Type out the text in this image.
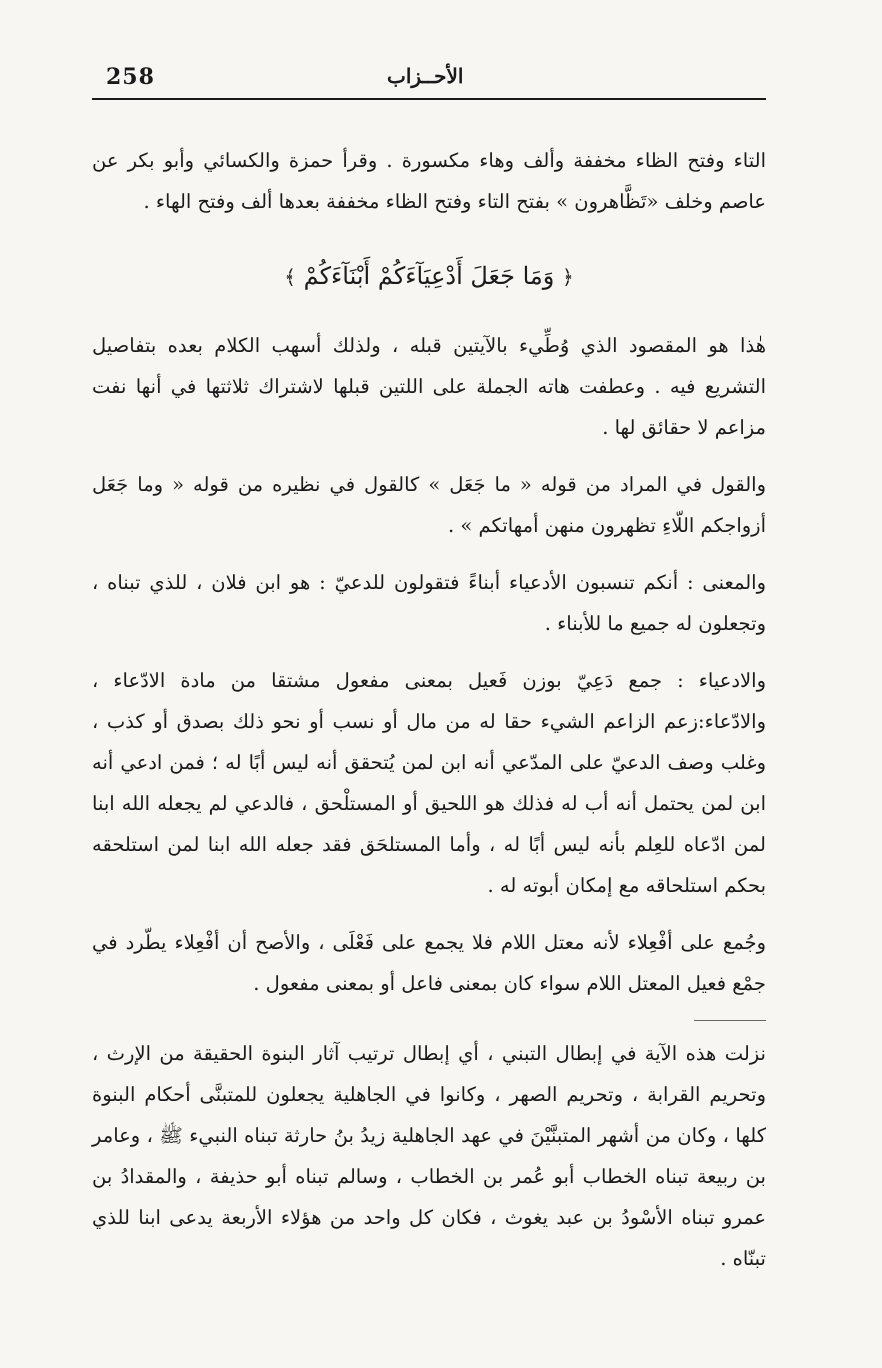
258	الأحــزاب

التاء وفتح الظاء مخففة وألف وهاء مكسورة . وقرأ حمزة والكسائي وأبو بكر عن عاصم وخلف «تَظَّاهرون » بفتح التاء وفتح الظاء مخففة بعدها ألف وفتح الهاء .

﴿ وَمَا جَعَلَ أَدْعِيَآءَكُمْ أَبْنَآءَكُمْ ﴾

هٰذا هو المقصود الذي وُطِّيء بالآيتين قبله ، ولذلك أسهب الكلام بعده بتفاصيل التشريع فيه . وعطفت هاته الجملة على اللتين قبلها لاشتراك ثلاثتها في أنها نفت مزاعم لا حقائق لها .

والقول في المراد من قوله « ما جَعَل » كالقول في نظيره من قوله « وما جَعَل أزواجكم اللّاءِ تظهرون منهن أمهاتكم » .

والمعنى : أنكم تنسبون الأدعياء أبناءً فتقولون للدعيّ : هو ابن فلان ، للذي تبناه ، وتجعلون له جميع ما للأبناء .

والادعياء : جمع دَعِيّ بوزن فَعيل بمعنى مفعول مشتقا من مادة الادّعاء ، والادّعاء:زعم الزاعم الشيء حقا له من مال أو نسب أو نحو ذلك بصدق أو كذب ، وغلب وصف الدعيّ على المدّعي أنه ابن لمن يُتحقق أنه ليس أبًا له ؛ فمن ادعي أنه ابن لمن يحتمل أنه أب له فذلك هو اللحيق أو المستلْحق ، فالدعي لم يجعله الله ابنا لمن ادّعاه للعِلم بأنه ليس أبًا له ، وأما المستلحَق فقد جعله الله ابنا لمن استلحقه بحكم استلحاقه مع إمكان أبوته له .

وجُمع على أفْعِلاء لأنه معتل اللام فلا يجمع على فَعْلَى ، والأصح أن أفْعِلاء يطّرد في جمْع فعيل المعتل اللام سواء كان بمعنى فاعل أو بمعنى مفعول .

نزلت هذه الآية في إبطال التبني ، أي إبطال ترتيب آثار البنوة الحقيقة من الإرث ، وتحريم القرابة ، وتحريم الصهر ، وكانوا في الجاهلية يجعلون للمتبنَّى أحكام البنوة كلها ، وكان من أشهر المتبنَّيْنَ في عهد الجاهلية زيدُ بنُ حارثة تبناه النبيء ﷺ ، وعامر بن ربيعة تبناه الخطاب أبو عُمر بن الخطاب ، وسالم تبناه أبو حذيفة ، والمقدادُ بن عمرو تبناه الأسْودُ بن عبد يغوث ، فكان كل واحد من هؤلاء الأربعة يدعى ابنا للذي تبنّاه .
